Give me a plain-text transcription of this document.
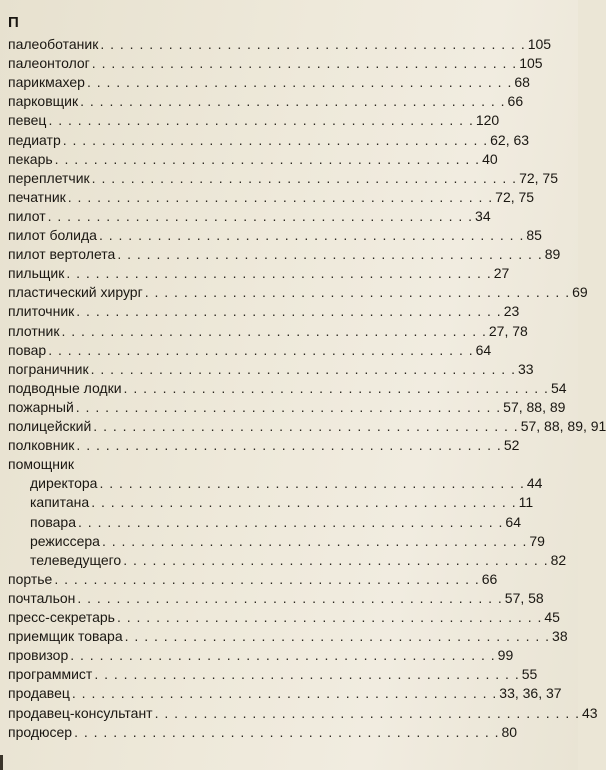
П
палеоботаник . . . . . . . . . . . . . . . . . . . . . . . . . . . . . . . . . . . . . . . . . . . . 105
палеонтолог . . . . . . . . . . . . . . . . . . . . . . . . . . . . . . . . . . . . . . . . . . . . 105
парикмахер . . . . . . . . . . . . . . . . . . . . . . . . . . . . . . . . . . . . . . . . . . . . 68
парковщик . . . . . . . . . . . . . . . . . . . . . . . . . . . . . . . . . . . . . . . . . . . . 66
певец . . . . . . . . . . . . . . . . . . . . . . . . . . . . . . . . . . . . . . . . . . . . 120
педиатр . . . . . . . . . . . . . . . . . . . . . . . . . . . . . . . . . . . . . . . . . . . . 62, 63
пекарь . . . . . . . . . . . . . . . . . . . . . . . . . . . . . . . . . . . . . . . . . . . . 40
переплетчик . . . . . . . . . . . . . . . . . . . . . . . . . . . . . . . . . . . . . . . . . . . . 72, 75
печатник . . . . . . . . . . . . . . . . . . . . . . . . . . . . . . . . . . . . . . . . . . . . 72, 75
пилот . . . . . . . . . . . . . . . . . . . . . . . . . . . . . . . . . . . . . . . . . . . . 34
пилот болида . . . . . . . . . . . . . . . . . . . . . . . . . . . . . . . . . . . . . . . . . . . . 85
пилот вертолета . . . . . . . . . . . . . . . . . . . . . . . . . . . . . . . . . . . . . . . . . . . . 89
пильщик . . . . . . . . . . . . . . . . . . . . . . . . . . . . . . . . . . . . . . . . . . . . 27
пластический хирург . . . . . . . . . . . . . . . . . . . . . . . . . . . . . . . . . . . . . . . . . . . . 69
плиточник . . . . . . . . . . . . . . . . . . . . . . . . . . . . . . . . . . . . . . . . . . . . 23
плотник . . . . . . . . . . . . . . . . . . . . . . . . . . . . . . . . . . . . . . . . . . . . 27, 78
повар . . . . . . . . . . . . . . . . . . . . . . . . . . . . . . . . . . . . . . . . . . . . 64
пограничник . . . . . . . . . . . . . . . . . . . . . . . . . . . . . . . . . . . . . . . . . . . . 33
подводные лодки . . . . . . . . . . . . . . . . . . . . . . . . . . . . . . . . . . . . . . . . . . . . 54
пожарный . . . . . . . . . . . . . . . . . . . . . . . . . . . . . . . . . . . . . . . . . . . . 57, 88, 89
полицейский . . . . . . . . . . . . . . . . . . . . . . . . . . . . . . . . . . . . . . . . . . . . 57, 88, 89, 91
полковник . . . . . . . . . . . . . . . . . . . . . . . . . . . . . . . . . . . . . . . . . . . . 52
помощник
директора . . . . . . . . . . . . . . . . . . . . . . . . . . . . . . . . . . . . . . . . . . . . 44
капитана . . . . . . . . . . . . . . . . . . . . . . . . . . . . . . . . . . . . . . . . . . . . 11
повара . . . . . . . . . . . . . . . . . . . . . . . . . . . . . . . . . . . . . . . . . . . . 64
режиссера . . . . . . . . . . . . . . . . . . . . . . . . . . . . . . . . . . . . . . . . . . . . 79
телеведущего . . . . . . . . . . . . . . . . . . . . . . . . . . . . . . . . . . . . . . . . . . . . 82
портье . . . . . . . . . . . . . . . . . . . . . . . . . . . . . . . . . . . . . . . . . . . . 66
почтальон . . . . . . . . . . . . . . . . . . . . . . . . . . . . . . . . . . . . . . . . . . . . 57, 58
пресс-секретарь . . . . . . . . . . . . . . . . . . . . . . . . . . . . . . . . . . . . . . . . . . . . 45
приемщик товара . . . . . . . . . . . . . . . . . . . . . . . . . . . . . . . . . . . . . . . . . . . . 38
провизор . . . . . . . . . . . . . . . . . . . . . . . . . . . . . . . . . . . . . . . . . . . . 99
программист . . . . . . . . . . . . . . . . . . . . . . . . . . . . . . . . . . . . . . . . . . . . 55
продавец . . . . . . . . . . . . . . . . . . . . . . . . . . . . . . . . . . . . . . . . . . . . 33, 36, 37
продавец-консультант . . . . . . . . . . . . . . . . . . . . . . . . . . . . . . . . . . . . . . . . . . . . 43
продюсер . . . . . . . . . . . . . . . . . . . . . . . . . . . . . . . . . . . . . . . . . . . . 80
